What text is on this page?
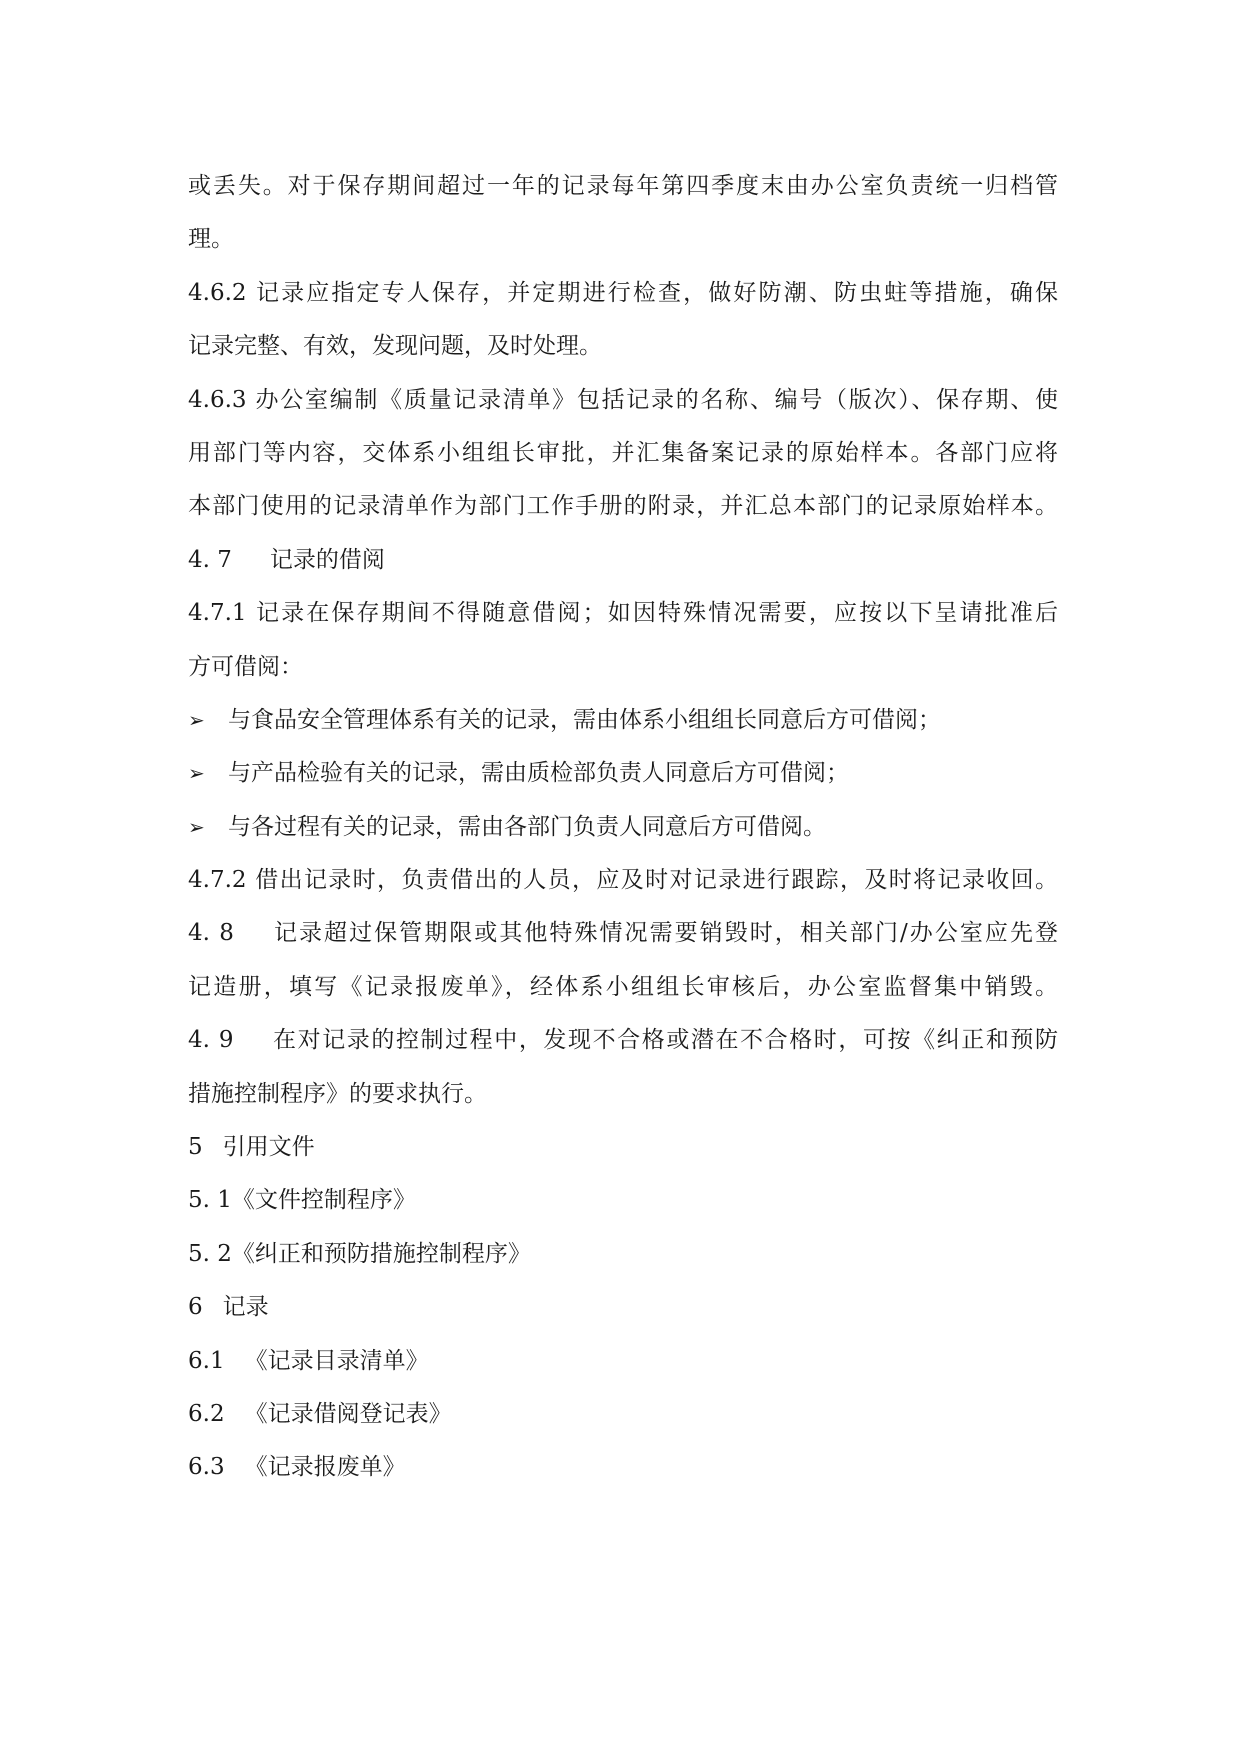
或丢失。对于保存期间超过一年的记录每年第四季度末由办公室负责统一归档管
理。
4.6.2 记录应指定专人保存，并定期进行检查，做好防潮、防虫蛀等措施，确保
记录完整、有效，发现问题，及时处理。
4.6.3 办公室编制《质量记录清单》包括记录的名称、编号（版次）、保存期、使
用部门等内容，交体系小组组长审批，并汇集备案记录的原始样本。各部门应将
本部门使用的记录清单作为部门工作手册的附录，并汇总本部门的记录原始样本。
4. 7 记录的借阅
4.7.1 记录在保存期间不得随意借阅；如因特殊情况需要，应按以下呈请批准后
方可借阅：
➢	与食品安全管理体系有关的记录，需由体系小组组长同意后方可借阅；
➢	与产品检验有关的记录，需由质检部负责人同意后方可借阅；
➢	与各过程有关的记录，需由各部门负责人同意后方可借阅。
4.7.2 借出记录时，负责借出的人员，应及时对记录进行跟踪，及时将记录收回。
4. 8 记录超过保管期限或其他特殊情况需要销毁时，相关部门/办公室应先登
记造册，填写《记录报废单》，经体系小组组长审核后，办公室监督集中销毁。
4. 9 在对记录的控制过程中，发现不合格或潜在不合格时，可按《纠正和预防
措施控制程序》的要求执行。
5 引用文件
5. 1《文件控制程序》
5. 2《纠正和预防措施控制程序》
6 记录
6.1 《记录目录清单》
6.2 《记录借阅登记表》
6.3 《记录报废单》
